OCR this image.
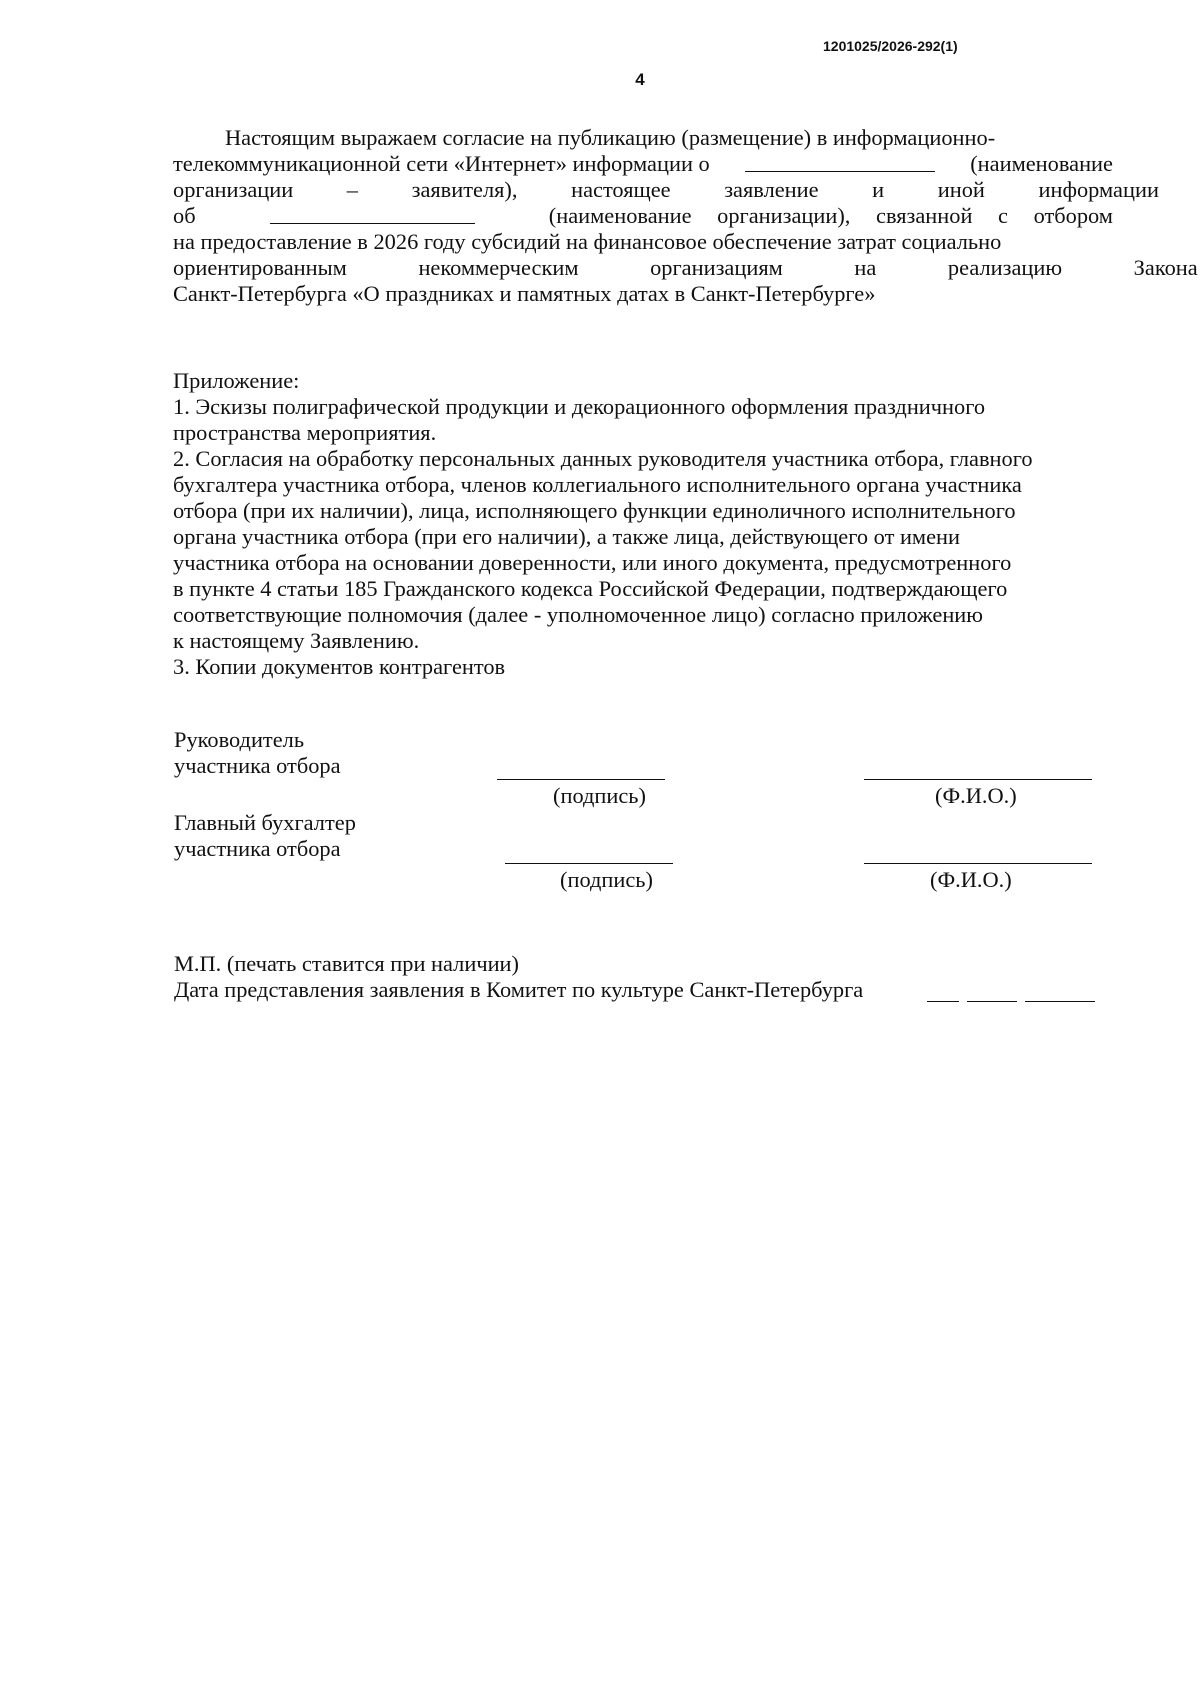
1201025/2026-292(1)
4
Настоящим выражаем согласие на публикацию (размещение) в информационно-
телекоммуникационной сети «Интернет» информации о	(наименование
организации – заявителя), настоящее заявление и иной информации
об	(наименование организации), связанной с отбором
на предоставление в 2026 году субсидий на финансовое обеспечение затрат социально
ориентированным некоммерческим организациям на реализацию Закона
Санкт-Петербурга «О праздниках и памятных датах в Санкт-Петербурге»
Приложение:
1. Эскизы полиграфической продукции и декорационного оформления праздничного
пространства мероприятия.
2. Согласия на обработку персональных данных руководителя участника отбора, главного
бухгалтера участника отбора, членов коллегиального исполнительного органа участника
отбора (при их наличии), лица, исполняющего функции единоличного исполнительного
органа участника отбора (при его наличии), а также лица, действующего от имени
участника отбора на основании доверенности, или иного документа, предусмотренного
в пункте 4 статьи 185 Гражданского кодекса Российской Федерации, подтверждающего
соответствующие полномочия (далее - уполномоченное лицо) согласно приложению
к настоящему Заявлению.
3. Копии документов контрагентов
Руководитель
участника отбора
(подпись)	(Ф.И.О.)
Главный бухгалтер
участника отбора
(подпись)	(Ф.И.О.)
М.П. (печать ставится при наличии)
Дата представления заявления в Комитет по культуре Санкт-Петербурга
